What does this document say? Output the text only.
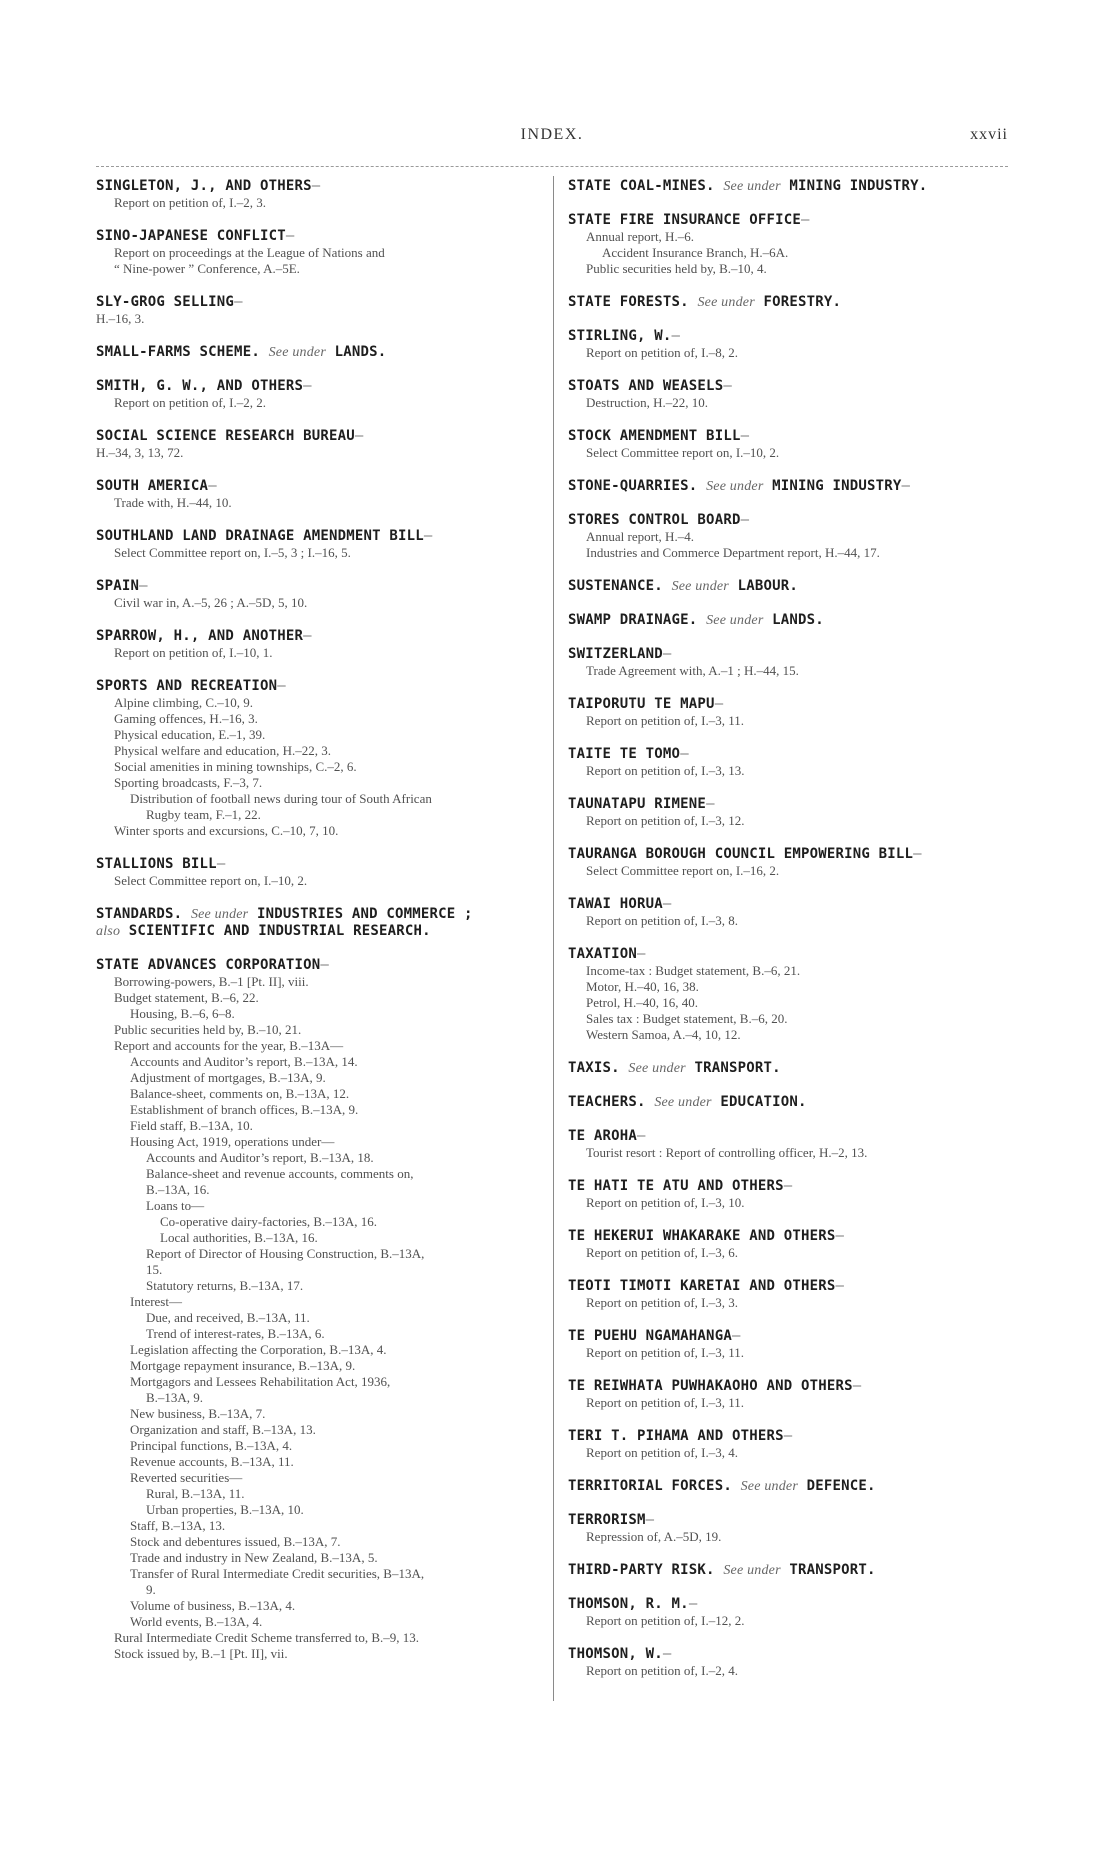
INDEX.	xxvii
SINGLETON, J., AND OTHERS—
Report on petition of, I.–2, 3.
SINO-JAPANESE CONFLICT—
Report on proceedings at the League of Nations and
“ Nine-power ” Conference, A.–5E.
SLY-GROG SELLING—
H.–16, 3.
SMALL-FARMS SCHEME. See under LANDS.
SMITH, G. W., AND OTHERS—
Report on petition of, I.–2, 2.
SOCIAL SCIENCE RESEARCH BUREAU—
H.–34, 3, 13, 72.
SOUTH AMERICA—
Trade with, H.–44, 10.
SOUTHLAND LAND DRAINAGE AMENDMENT BILL—
Select Committee report on, I.–5, 3 ; I.–16, 5.
SPAIN—
Civil war in, A.–5, 26 ; A.–5D, 5, 10.
SPARROW, H., AND ANOTHER—
Report on petition of, I.–10, 1.
SPORTS AND RECREATION—
Alpine climbing, C.–10, 9.
Gaming offences, H.–16, 3.
Physical education, E.–1, 39.
Physical welfare and education, H.–22, 3.
Social amenities in mining townships, C.–2, 6.
Sporting broadcasts, F.–3, 7.
Distribution of football news during tour of South African
Rugby team, F.–1, 22.
Winter sports and excursions, C.–10, 7, 10.
STALLIONS BILL—
Select Committee report on, I.–10, 2.
STANDARDS. See under INDUSTRIES AND COMMERCE ;
also SCIENTIFIC AND INDUSTRIAL RESEARCH.
STATE ADVANCES CORPORATION—
Borrowing-powers, B.–1 [Pt. II], viii.
Budget statement, B.–6, 22.
Housing, B.–6, 6–8.
Public securities held by, B.–10, 21.
Report and accounts for the year, B.–13A—
Accounts and Auditor’s report, B.–13A, 14.
Adjustment of mortgages, B.–13A, 9.
Balance-sheet, comments on, B.–13A, 12.
Establishment of branch offices, B.–13A, 9.
Field staff, B.–13A, 10.
Housing Act, 1919, operations under—
Accounts and Auditor’s report, B.–13A, 18.
Balance-sheet and revenue accounts, comments on,
B.–13A, 16.
Loans to—
Co-operative dairy-factories, B.–13A, 16.
Local authorities, B.–13A, 16.
Report of Director of Housing Construction, B.–13A,
15.
Statutory returns, B.–13A, 17.
Interest—
Due, and received, B.–13A, 11.
Trend of interest-rates, B.–13A, 6.
Legislation affecting the Corporation, B.–13A, 4.
Mortgage repayment insurance, B.–13A, 9.
Mortgagors and Lessees Rehabilitation Act, 1936,
B.–13A, 9.
New business, B.–13A, 7.
Organization and staff, B.–13A, 13.
Principal functions, B.–13A, 4.
Revenue accounts, B.–13A, 11.
Reverted securities—
Rural, B.–13A, 11.
Urban properties, B.–13A, 10.
Staff, B.–13A, 13.
Stock and debentures issued, B.–13A, 7.
Trade and industry in New Zealand, B.–13A, 5.
Transfer of Rural Intermediate Credit securities, B–13A,
9.
Volume of business, B.–13A, 4.
World events, B.–13A, 4.
Rural Intermediate Credit Scheme transferred to, B.–9, 13.
Stock issued by, B.–1 [Pt. II], vii.
STATE COAL-MINES. See under MINING INDUSTRY.
STATE FIRE INSURANCE OFFICE—
Annual report, H.–6.
Accident Insurance Branch, H.–6A.
Public securities held by, B.–10, 4.
STATE FORESTS. See under FORESTRY.
STIRLING, W.—
Report on petition of, I.–8, 2.
STOATS AND WEASELS—
Destruction, H.–22, 10.
STOCK AMENDMENT BILL—
Select Committee report on, I.–10, 2.
STONE-QUARRIES. See under MINING INDUSTRY—
STORES CONTROL BOARD—
Annual report, H.–4.
Industries and Commerce Department report, H.–44, 17.
SUSTENANCE. See under LABOUR.
SWAMP DRAINAGE. See under LANDS.
SWITZERLAND—
Trade Agreement with, A.–1 ; H.–44, 15.
TAIPORUTU TE MAPU—
Report on petition of, I.–3, 11.
TAITE TE TOMO—
Report on petition of, I.–3, 13.
TAUNATAPU RIMENE—
Report on petition of, I.–3, 12.
TAURANGA BOROUGH COUNCIL EMPOWERING BILL—
Select Committee report on, I.–16, 2.
TAWAI HORUA—
Report on petition of, I.–3, 8.
TAXATION—
Income-tax : Budget statement, B.–6, 21.
Motor, H.–40, 16, 38.
Petrol, H.–40, 16, 40.
Sales tax : Budget statement, B.–6, 20.
Western Samoa, A.–4, 10, 12.
TAXIS. See under TRANSPORT.
TEACHERS. See under EDUCATION.
TE AROHA—
Tourist resort : Report of controlling officer, H.–2, 13.
TE HATI TE ATU AND OTHERS—
Report on petition of, I.–3, 10.
TE HEKERUI WHAKARAKE AND OTHERS—
Report on petition of, I.–3, 6.
TEOTI TIMOTI KARETAI AND OTHERS—
Report on petition of, I.–3, 3.
TE PUEHU NGAMAHANGA—
Report on petition of, I.–3, 11.
TE REIWHATA PUWHAKAOHO AND OTHERS—
Report on petition of, I.–3, 11.
TERI T. PIHAMA AND OTHERS—
Report on petition of, I.–3, 4.
TERRITORIAL FORCES. See under DEFENCE.
TERRORISM—
Repression of, A.–5D, 19.
THIRD-PARTY RISK. See under TRANSPORT.
THOMSON, R. M.—
Report on petition of, I.–12, 2.
THOMSON, W.—
Report on petition of, I.–2, 4.
